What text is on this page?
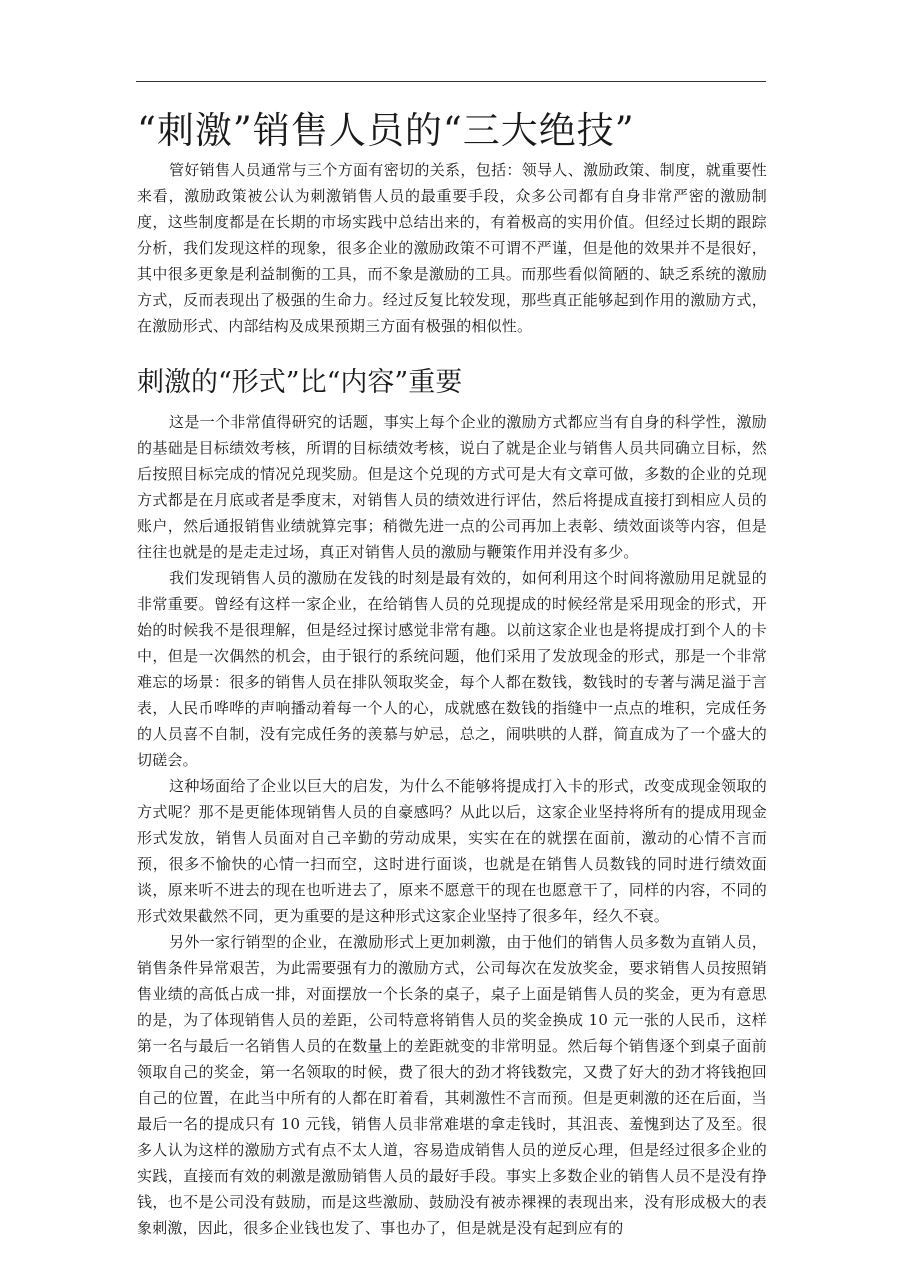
“刺激”销售人员的“三大绝技”

管好销售人员通常与三个方面有密切的关系，包括：领导人、激励政策、制度，就重要性来看，激励政策被公认为刺激销售人员的最重要手段，众多公司都有自身非常严密的激励制度，这些制度都是在长期的市场实践中总结出来的，有着极高的实用价值。但经过长期的跟踪分析，我们发现这样的现象，很多企业的激励政策不可谓不严谨，但是他的效果并不是很好，其中很多更象是利益制衡的工具，而不象是激励的工具。而那些看似简陋的、缺乏系统的激励方式，反而表现出了极强的生命力。经过反复比较发现，那些真正能够起到作用的激励方式，在激励形式、内部结构及成果预期三方面有极强的相似性。

刺激的“形式”比“内容”重要

这是一个非常值得研究的话题，事实上每个企业的激励方式都应当有自身的科学性，激励的基础是目标绩效考核，所谓的目标绩效考核，说白了就是企业与销售人员共同确立目标，然后按照目标完成的情况兑现奖励。但是这个兑现的方式可是大有文章可做，多数的企业的兑现方式都是在月底或者是季度末，对销售人员的绩效进行评估，然后将提成直接打到相应人员的账户，然后通报销售业绩就算完事；稍微先进一点的公司再加上表彰、绩效面谈等内容，但是往往也就是的是走走过场，真正对销售人员的激励与鞭策作用并没有多少。

我们发现销售人员的激励在发钱的时刻是最有效的，如何利用这个时间将激励用足就显的非常重要。曾经有这样一家企业，在给销售人员的兑现提成的时候经常是采用现金的形式，开始的时候我不是很理解，但是经过探讨感觉非常有趣。以前这家企业也是将提成打到个人的卡中，但是一次偶然的机会，由于银行的系统问题，他们采用了发放现金的形式，那是一个非常难忘的场景：很多的销售人员在排队领取奖金，每个人都在数钱，数钱时的专著与满足溢于言表，人民币哗哗的声响播动着每一个人的心，成就感在数钱的指缝中一点点的堆积，完成任务的人员喜不自制，没有完成任务的羡慕与妒忌，总之，闹哄哄的人群，简直成为了一个盛大的切磋会。

这种场面给了企业以巨大的启发，为什么不能够将提成打入卡的形式，改变成现金领取的方式呢？那不是更能体现销售人员的自豪感吗？从此以后，这家企业坚持将所有的提成用现金形式发放，销售人员面对自己辛勤的劳动成果，实实在在的就摆在面前，激动的心情不言而预，很多不愉快的心情一扫而空，这时进行面谈，也就是在销售人员数钱的同时进行绩效面谈，原来听不进去的现在也听进去了，原来不愿意干的现在也愿意干了，同样的内容，不同的形式效果截然不同，更为重要的是这种形式这家企业坚持了很多年，经久不衰。

另外一家行销型的企业，在激励形式上更加刺激，由于他们的销售人员多数为直销人员，销售条件异常艰苦，为此需要强有力的激励方式，公司每次在发放奖金，要求销售人员按照销售业绩的高低占成一排，对面摆放一个长条的桌子，桌子上面是销售人员的奖金，更为有意思的是，为了体现销售人员的差距，公司特意将销售人员的奖金换成 10 元一张的人民币，这样第一名与最后一名销售人员的在数量上的差距就变的非常明显。然后每个销售逐个到桌子面前领取自己的奖金，第一名领取的时候，费了很大的劲才将钱数完，又费了好大的劲才将钱抱回自己的位置，在此当中所有的人都在盯着看，其刺激性不言而预。但是更刺激的还在后面，当最后一名的提成只有 10 元钱，销售人员非常难堪的拿走钱时，其沮丧、羞愧到达了及至。很多人认为这样的激励方式有点不太人道，容易造成销售人员的逆反心理，但是经过很多企业的实践，直接而有效的刺激是激励销售人员的最好手段。事实上多数企业的销售人员不是没有挣钱，也不是公司没有鼓励，而是这些激励、鼓励没有被赤裸裸的表现出来，没有形成极大的表象刺激，因此，很多企业钱也发了、事也办了，但是就是没有起到应有的
